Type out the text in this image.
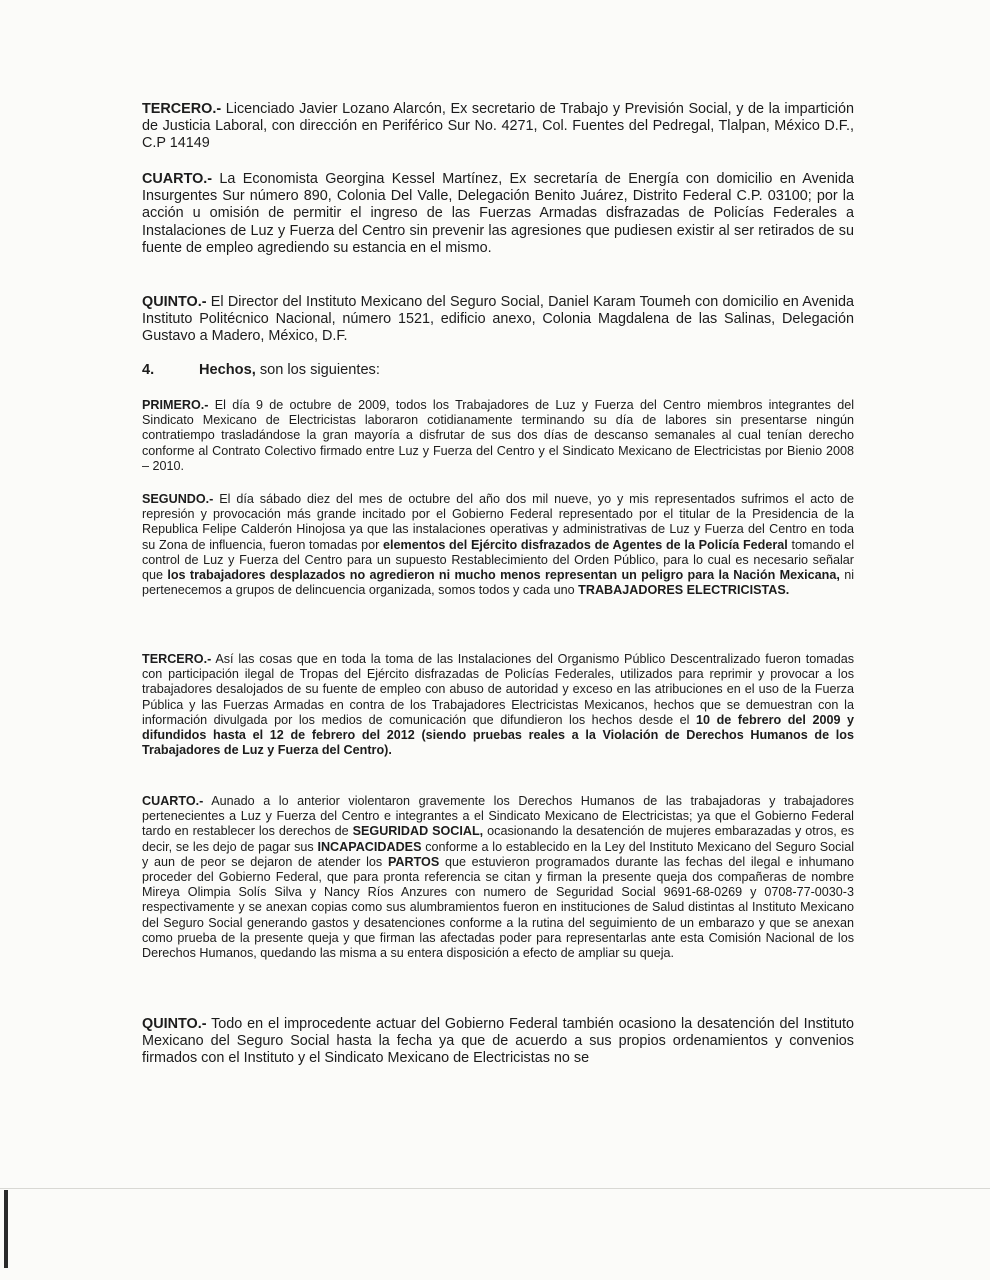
TERCERO.- Licenciado Javier Lozano Alarcón, Ex secretario de Trabajo y Previsión Social, y de la impartición de Justicia Laboral, con dirección en Periférico Sur No. 4271, Col. Fuentes del Pedregal, Tlalpan, México D.F., C.P 14149

CUARTO.- La Economista Georgina Kessel Martínez, Ex secretaría de Energía con domicilio en Avenida Insurgentes Sur número 890, Colonia Del Valle, Delegación Benito Juárez, Distrito Federal C.P. 03100; por la acción u omisión de permitir el ingreso de las Fuerzas Armadas disfrazadas de Policías Federales a Instalaciones de Luz y Fuerza del Centro sin prevenir las agresiones que pudiesen existir al ser retirados de su fuente de empleo agrediendo su estancia en el mismo.

QUINTO.- El Director del Instituto Mexicano del Seguro Social, Daniel Karam Toumeh con domicilio en Avenida Instituto Politécnico Nacional, número 1521, edificio anexo, Colonia Magdalena de las Salinas, Delegación Gustavo a Madero, México, D.F.

4.	Hechos, son los siguientes:

PRIMERO.- El día 9 de octubre de 2009, todos los Trabajadores de Luz y Fuerza del Centro miembros integrantes del Sindicato Mexicano de Electricistas laboraron cotidianamente terminando su día de labores sin presentarse ningún contratiempo trasladándose la gran mayoría a disfrutar de sus dos días de descanso semanales al cual tenían derecho conforme al Contrato Colectivo firmado entre Luz y Fuerza del Centro y el Sindicato Mexicano de Electricistas por Bienio 2008 – 2010.

SEGUNDO.- El día sábado diez del mes de octubre del año dos mil nueve, yo y mis representados sufrimos el acto de represión y provocación más grande incitado por el Gobierno Federal representado por el titular de la Presidencia de la Republica Felipe Calderón Hinojosa ya que las instalaciones operativas y administrativas de Luz y Fuerza del Centro en toda su Zona de influencia, fueron tomadas por elementos del Ejército disfrazados de Agentes de la Policía Federal tomando el control de Luz y Fuerza del Centro para un supuesto Restablecimiento del Orden Público, para lo cual es necesario señalar que los trabajadores desplazados no agredieron ni mucho menos representan un peligro para la Nación Mexicana, ni pertenecemos a grupos de delincuencia organizada, somos todos y cada uno TRABAJADORES ELECTRICISTAS.

TERCERO.- Así las cosas que en toda la toma de las Instalaciones del Organismo Público Descentralizado fueron tomadas con participación ilegal de Tropas del Ejército disfrazadas de Policías Federales, utilizados para reprimir y provocar a los trabajadores desalojados de su fuente de empleo con abuso de autoridad y exceso en las atribuciones en el uso de la Fuerza Pública y las Fuerzas Armadas en contra de los Trabajadores Electricistas Mexicanos, hechos que se demuestran con la información divulgada por los medios de comunicación que difundieron los hechos desde el 10 de febrero del 2009 y difundidos hasta el 12 de febrero del 2012 (siendo pruebas reales a la Violación de Derechos Humanos de los Trabajadores de Luz y Fuerza del Centro).

CUARTO.- Aunado a lo anterior violentaron gravemente los Derechos Humanos de las trabajadoras y trabajadores pertenecientes a Luz y Fuerza del Centro e integrantes a el Sindicato Mexicano de Electricistas; ya que el Gobierno Federal tardo en restablecer los derechos de SEGURIDAD SOCIAL, ocasionando la desatención de mujeres embarazadas y otros, es decir, se les dejo de pagar sus INCAPACIDADES conforme a lo establecido en la Ley del Instituto Mexicano del Seguro Social y aun de peor se dejaron de atender los PARTOS que estuvieron programados durante las fechas del ilegal e inhumano proceder del Gobierno Federal, que para pronta referencia se citan y firman la presente queja dos compañeras de nombre Mireya Olimpia Solís Silva y Nancy Ríos Anzures con numero de Seguridad Social 9691-68-0269 y 0708-77-0030-3 respectivamente y se anexan copias como sus alumbramientos fueron en instituciones de Salud distintas al Instituto Mexicano del Seguro Social generando gastos y desatenciones conforme a la rutina del seguimiento de un embarazo y que se anexan como prueba de la presente queja y que firman las afectadas poder para representarlas ante esta Comisión Nacional de los Derechos Humanos, quedando las misma a su entera disposición a efecto de ampliar su queja.

QUINTO.- Todo en el improcedente actuar del Gobierno Federal también ocasiono la desatención del Instituto Mexicano del Seguro Social hasta la fecha ya que de acuerdo a sus propios ordenamientos y convenios firmados con el Instituto y el Sindicato Mexicano de Electricistas no se
